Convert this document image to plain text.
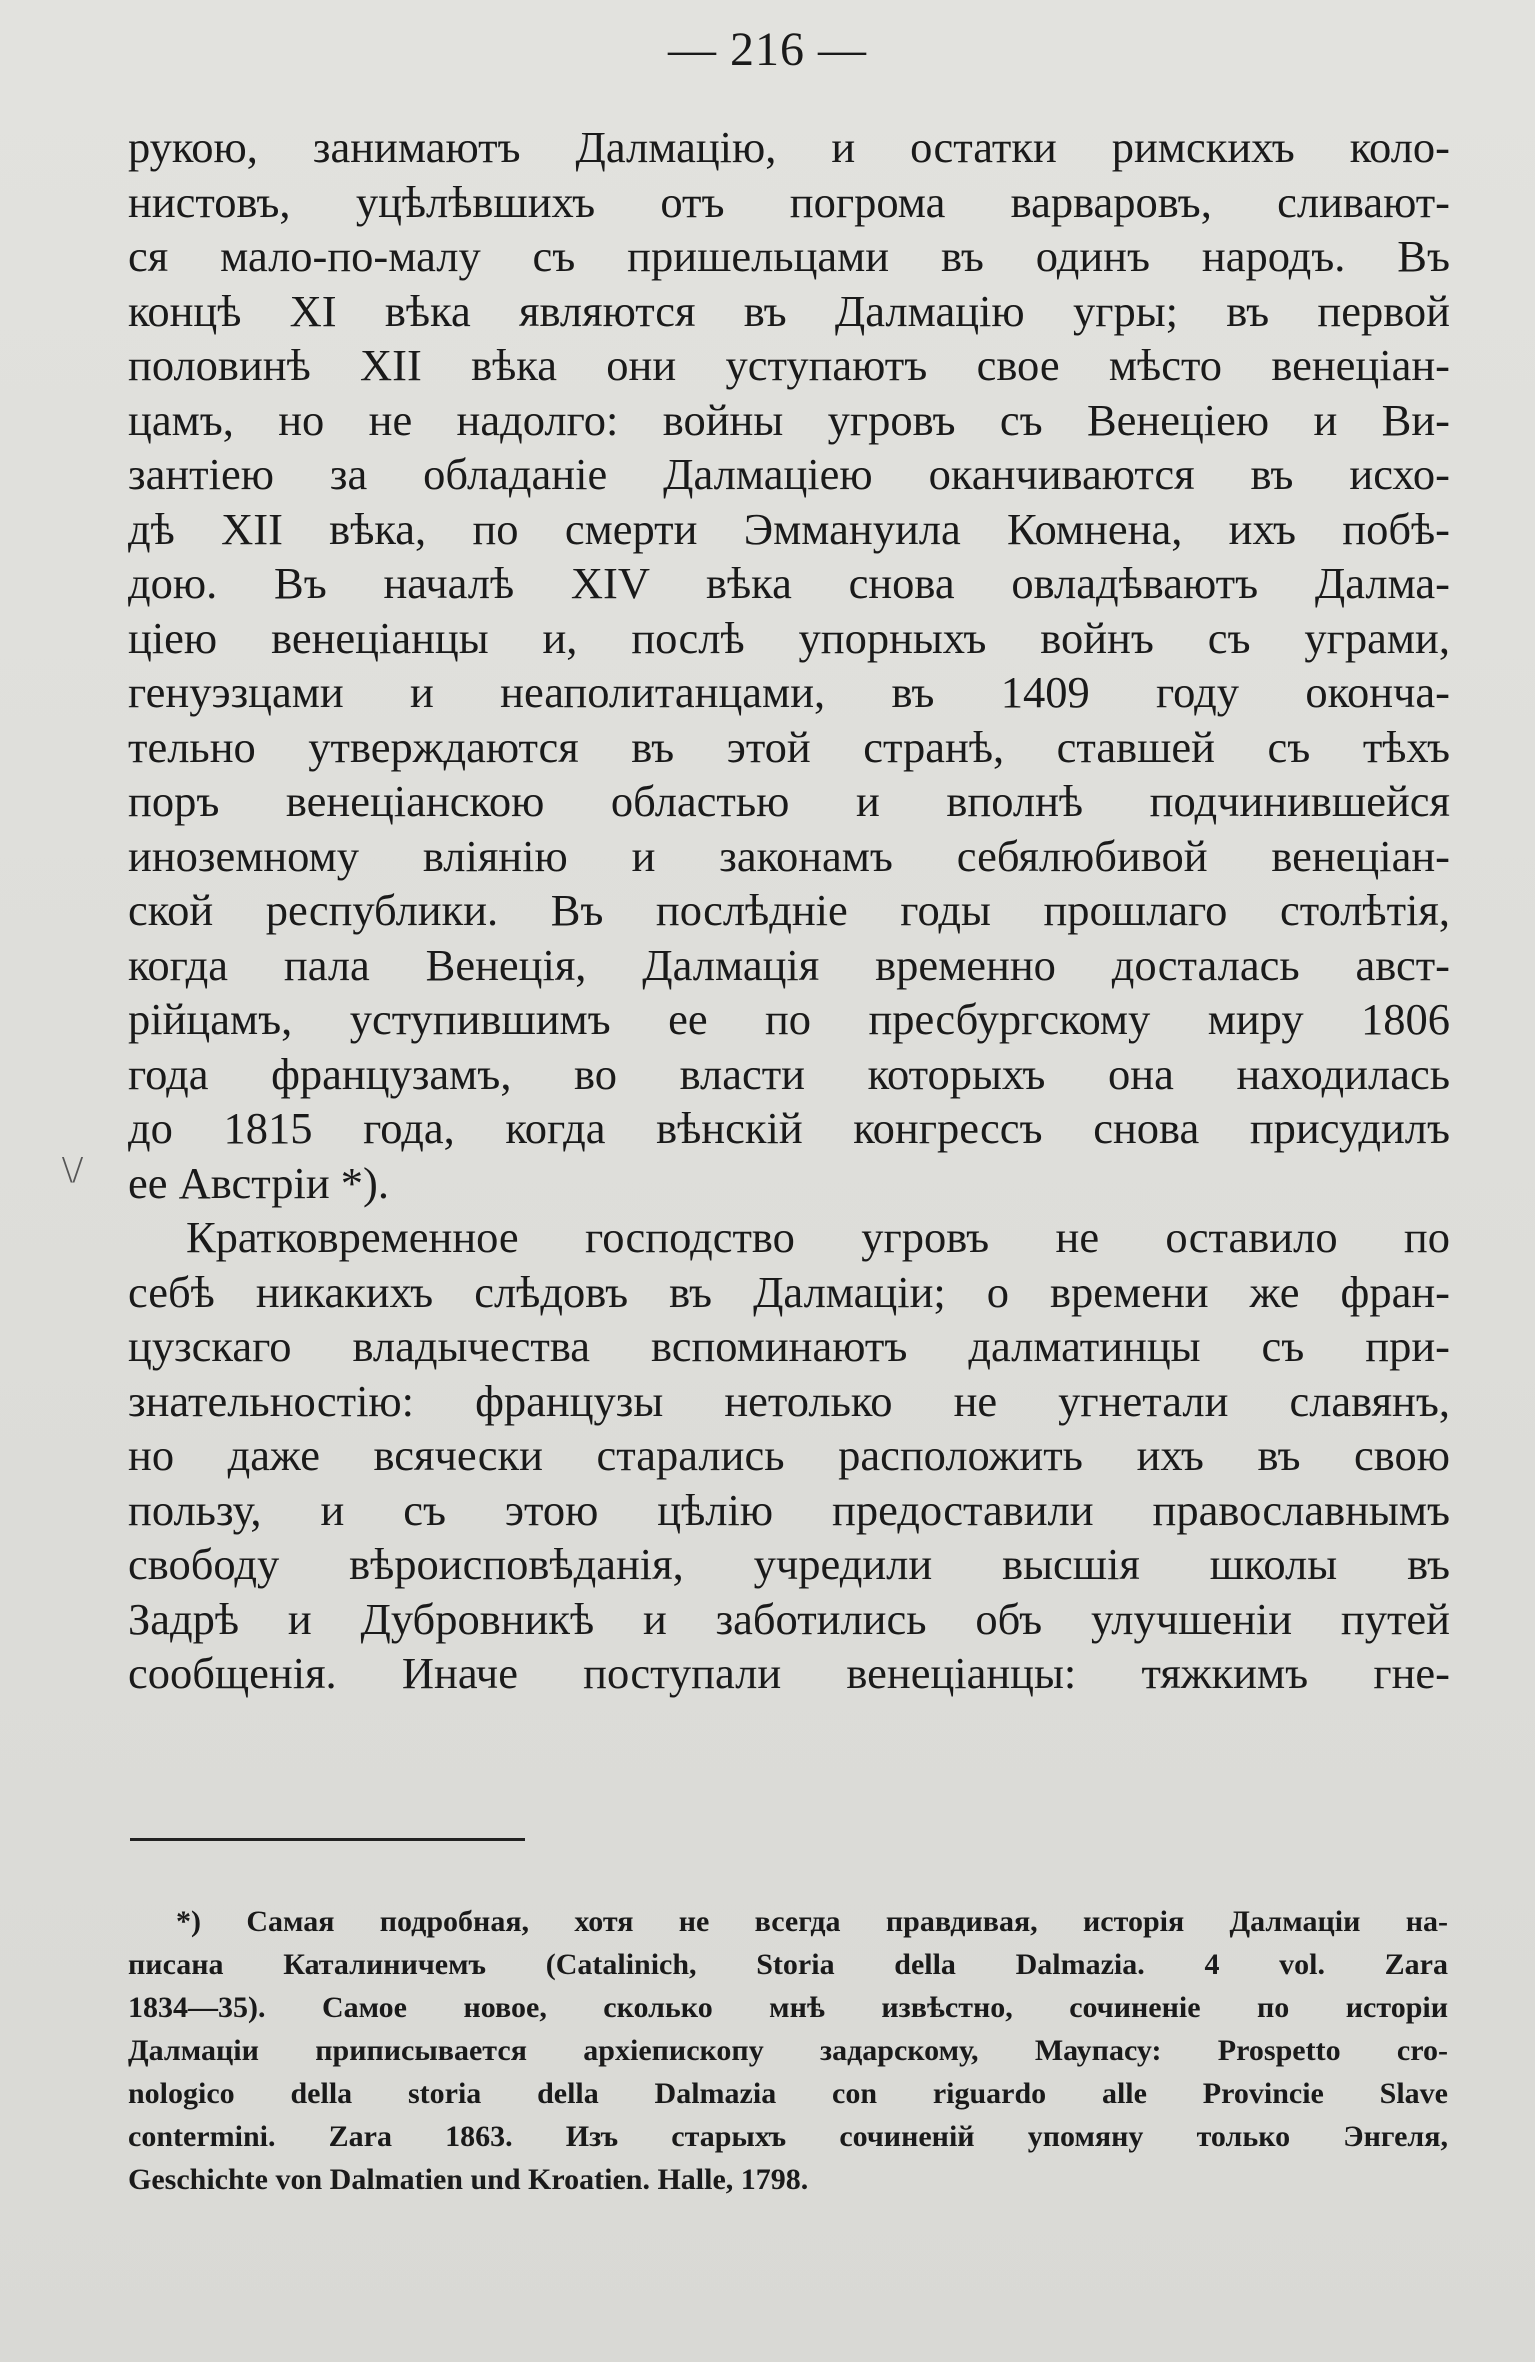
— 216 —
\/
рукою, занимаютъ Далмацію, и остатки римскихъ коло-
нистовъ, уцѣлѣвшихъ отъ погрома варваровъ, сливают-
ся мало-по-малу съ пришельцами въ одинъ народъ. Въ
концѣ XI вѣка являются въ Далмацію угры; въ первой
половинѣ XII вѣка они уступаютъ свое мѣсто венеціан-
цамъ, но не надолго: войны угровъ съ Венеціею и Ви-
зантіею за обладаніе Далмаціею оканчиваются въ исхо-
дѣ XII вѣка, по смерти Эммануила Комнена, ихъ побѣ-
дою. Въ началѣ XIV вѣка снова овладѣваютъ Далма-
ціею венеціанцы и, послѣ упорныхъ войнъ съ уграми,
генуэзцами и неаполитанцами, въ 1409 году оконча-
тельно утверждаются въ этой странѣ, ставшей съ тѣхъ
поръ венеціанскою областью и вполнѣ подчинившейся
иноземному вліянію и законамъ себялюбивой венеціан-
ской республики. Въ послѣдніе годы прошлаго столѣтія,
когда пала Венеція, Далмація временно досталась авст-
рійцамъ, уступившимъ ее по пресбургскому миру 1806
года французамъ, во власти которыхъ она находилась
до 1815 года, когда вѣнскій конгрессъ снова присудилъ
ее Австріи *).
Кратковременное господство угровъ не оставило по
себѣ никакихъ слѣдовъ въ Далмаціи; о времени же фран-
цузскаго владычества вспоминаютъ далматинцы съ при-
знательностію: французы нетолько не угнетали славянъ,
но даже всячески старались расположить ихъ въ свою
пользу, и съ этою цѣлію предоставили православнымъ
свободу вѣроисповѣданія, учредили высшія школы въ
Задрѣ и Дубровникѣ и заботились объ улучшеніи путей
сообщенія. Иначе поступали венеціанцы: тяжкимъ гне-
*) Самая подробная, хотя не всегда правдивая, исторія Далмаціи на-
писана Каталиничемъ (Catalinich, Storia della Dalmazia. 4 vol. Zara
1834—35). Самое новое, сколько мнѣ извѣстно, сочиненіе по исторіи
Далмаціи приписывается архіепископу задарскому, Маупасу: Prospetto cro-
nologico della storia della Dalmazia con riguardo alle Provincie Slave
contermini. Zara 1863. Изъ старыхъ сочиненій упомяну только Энгеля,
Geschichte von Dalmatien und Kroatien. Halle, 1798.
